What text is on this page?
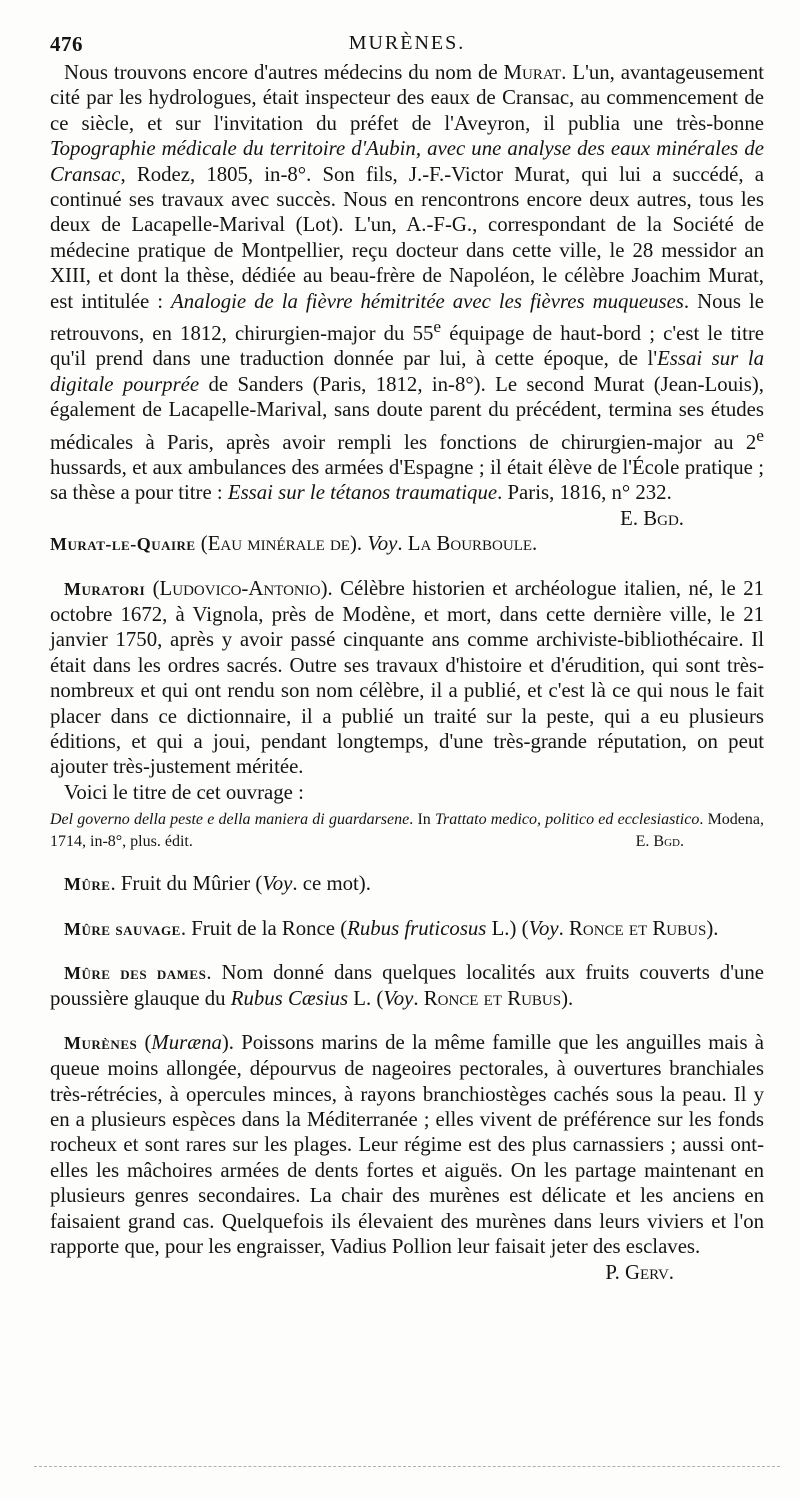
476	MURÈNES.

Nous trouvons encore d'autres médecins du nom de Murat. L'un, avantageusement cité par les hydrologues, était inspecteur des eaux de Cransac, au commencement de ce siècle, et sur l'invitation du préfet de l'Aveyron, il publia une très-bonne Topographie médicale du territoire d'Aubin, avec une analyse des eaux minérales de Cransac, Rodez, 1805, in-8°. Son fils, J.-F.-Victor Murat, qui lui a succédé, a continué ses travaux avec succès. Nous en rencontrons encore deux autres, tous les deux de Lacapelle-Marival (Lot). L'un, A.-F-G., correspondant de la Société de médecine pratique de Montpellier, reçu docteur dans cette ville, le 28 messidor an XIII, et dont la thèse, dédiée au beau-frère de Napoléon, le célèbre Joachim Murat, est intitulée : Analogie de la fièvre hémitritée avec les fièvres muqueuses. Nous le retrouvons, en 1812, chirurgien-major du 55e équipage de haut-bord ; c'est le titre qu'il prend dans une traduction donnée par lui, à cette époque, de l'Essai sur la digitale pourprée de Sanders (Paris, 1812, in-8°). Le second Murat (Jean-Louis), également de Lacapelle-Marival, sans doute parent du précédent, termina ses études médicales à Paris, après avoir rempli les fonctions de chirurgien-major au 2e hussards, et aux ambulances des armées d'Espagne ; il était élève de l'École pratique ; sa thèse a pour titre : Essai sur le tétanos traumatique. Paris, 1816, n° 232.
E. Bgd.

Murat-le-Quaire (Eau minérale de). Voy. La Bourboule.

Muratori (Ludovico-Antonio). Célèbre historien et archéologue italien, né, le 21 octobre 1672, à Vignola, près de Modène, et mort, dans cette dernière ville, le 21 janvier 1750, après y avoir passé cinquante ans comme archiviste-bibliothécaire. Il était dans les ordres sacrés. Outre ses travaux d'histoire et d'érudition, qui sont très-nombreux et qui ont rendu son nom célèbre, il a publié, et c'est là ce qui nous le fait placer dans ce dictionnaire, il a publié un traité sur la peste, qui a eu plusieurs éditions, et qui a joui, pendant longtemps, d'une très-grande réputation, on peut ajouter très-justement méritée.

Voici le titre de cet ouvrage :

Del governo della peste e della maniera di guardarsene. In Trattato medico, politico ed ecclesiastico. Modena, 1714, in-8°, plus. édit.	E. Bgd.

Mûre. Fruit du Mûrier (Voy. ce mot).

Mûre sauvage. Fruit de la Ronce (Rubus fruticosus L.) (Voy. Ronce et Rubus).

Mûre des dames. Nom donné dans quelques localités aux fruits couverts d'une poussière glauque du Rubus Cæsius L. (Voy. Ronce et Rubus).

Murènes (Muræna). Poissons marins de la même famille que les anguilles mais à queue moins allongée, dépourvus de nageoires pectorales, à ouvertures branchiales très-rétrécies, à opercules minces, à rayons branchiostèges cachés sous la peau. Il y en a plusieurs espèces dans la Méditerranée ; elles vivent de préférence sur les fonds rocheux et sont rares sur les plages. Leur régime est des plus carnassiers ; aussi ont-elles les mâchoires armées de dents fortes et aiguës. On les partage maintenant en plusieurs genres secondaires. La chair des murènes est délicate et les anciens en faisaient grand cas. Quelquefois ils élevaient des murènes dans leurs viviers et l'on rapporte que, pour les engraisser, Vadius Pollion leur faisait jeter des esclaves.
P. Gerv.
